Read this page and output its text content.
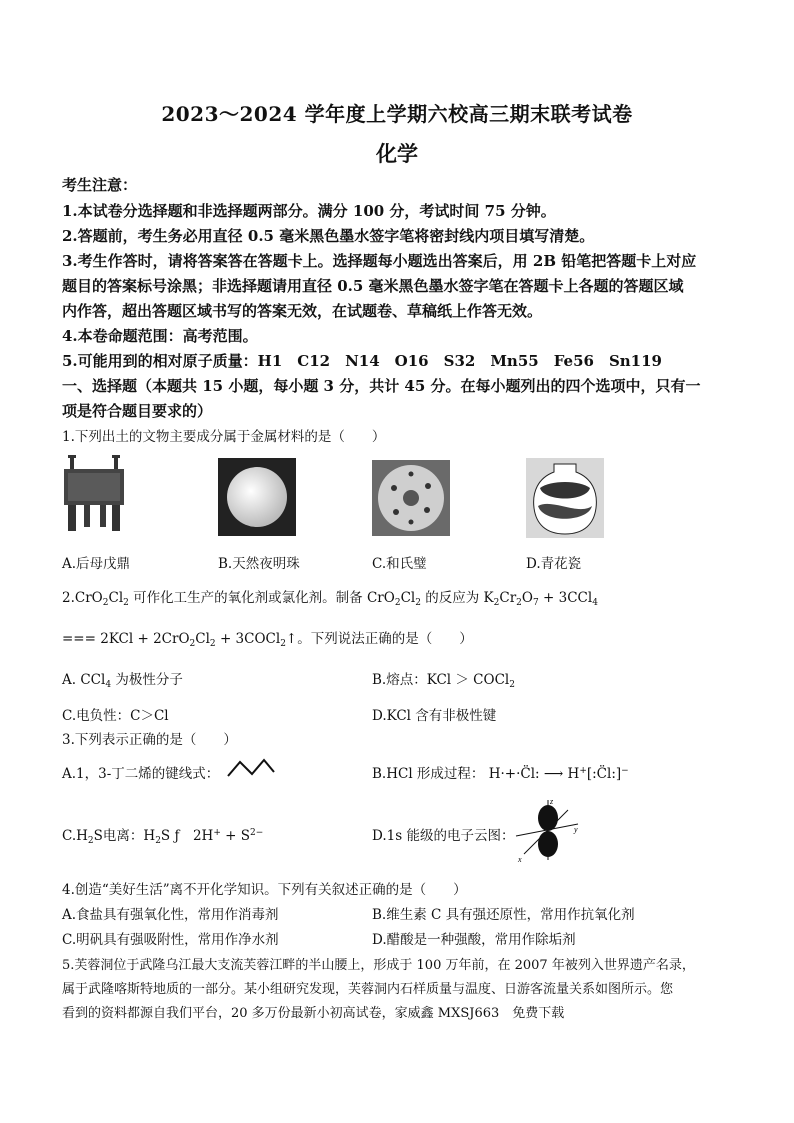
2023～2024 学年度上学期六校高三期末联考试卷
化学
考生注意：
1.本试卷分选择题和非选择题两部分。满分 100 分，考试时间 75 分钟。
2.答题前，考生务必用直径 0.5 毫米黑色墨水签字笔将密封线内项目填写清楚。
3.考生作答时，请将答案答在答题卡上。选择题每小题选出答案后，用 2B 铅笔把答题卡上对应
题目的答案标号涂黑；非选择题请用直径 0.5 毫米黑色墨水签字笔在答题卡上各题的答题区域
内作答，超出答题区域书写的答案无效，在试题卷、草稿纸上作答无效。
4.本卷命题范围：高考范围。
5.可能用到的相对原子质量：H1　C12　N14　O16　S32　Mn55　Fe56　Sn119
一、选择题（本题共 15 小题，每小题 3 分，共计 45 分。在每小题列出的四个选项中，只有一
项是符合题目要求的）
1.下列出土的文物主要成分属于金属材料的是（　　）
A.后母戊鼎	B.天然夜明珠	C.和氏璧	D.青花瓷
$2.CrO_2Cl_2$ 可作化工生产的氧化剂或氯化剂。制备 $CrO_2Cl_2$ 的反应为 $K_2Cr_2O_7 + 3CCl_4$
=== $2KCl + 2CrO_2Cl_2$ + 3COCl$_2$↑。下列说法正确的是（　　）
A. CCl$_4$ 为极性分子	B.熔点：KCl ＞ COCl$_2$
C.电负性：C＞Cl	D.KCl 含有非极性键
3.下列表示正确的是（　　）
A.1，3-丁二烯的键线式：	B.HCl 形成过程： H·+·C̈l: ⟶ H+[:C̈l:]−
$C.H_2S$电离：$H_2S$ ƒ　$2H^+ + S^{2-}$	D.1s 能级的电子云图：
z
y
x
4.创造“美好生活”离不开化学知识。下列有关叙述正确的是（　　）
A.食盐具有强氧化性，常用作消毒剂	B.维生素 C 具有强还原性，常用作抗氧化剂
C.明矾具有强吸附性，常用作净水剂	D.醋酸是一种强酸，常用作除垢剂
5.芙蓉洞位于武隆乌江最大支流芙蓉江畔的半山腰上，形成于 100 万年前，在 2007 年被列入世界遗产名录，
属于武隆喀斯特地质的一部分。某小组研究发现，芙蓉洞内石样质量与温度、日游客流量关系如图所示。您
看到的资料都源自我们平台，20 多万份最新小初高试卷，家威鑫 MXSJ663　免费下载
